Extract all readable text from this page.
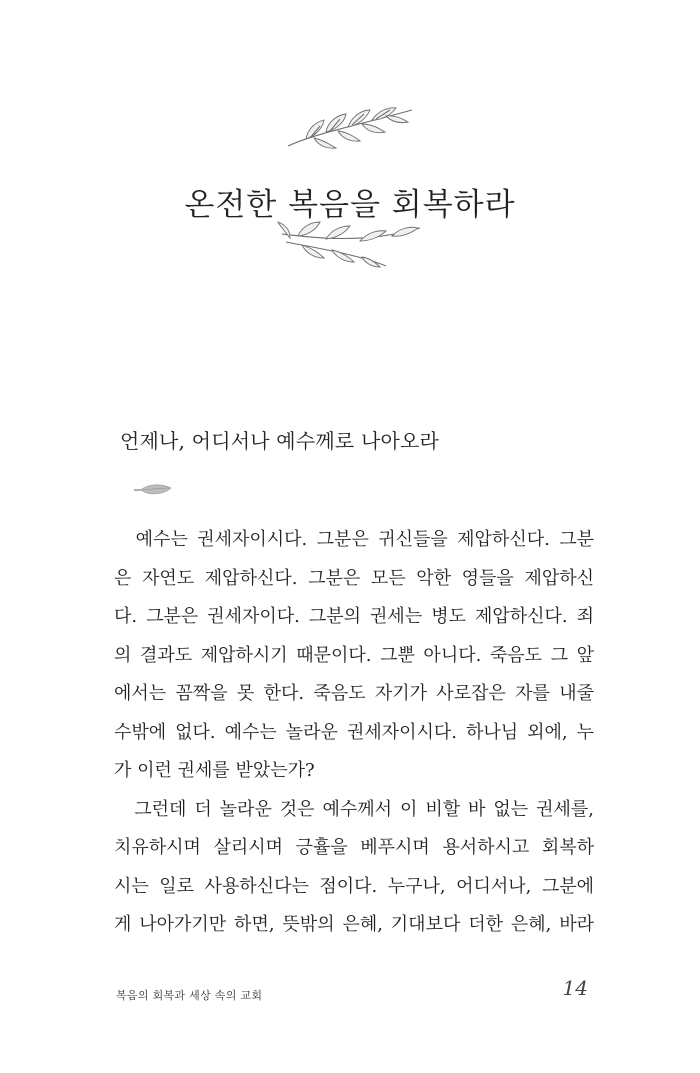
온전한 복음을 회복하라
언제나, 어디서나 예수께로 나아오라
　예수는 권세자이시다. 그분은 귀신들을 제압하신다. 그분
은 자연도 제압하신다. 그분은 모든 악한 영들을 제압하신
다. 그분은 권세자이다. 그분의 권세는 병도 제압하신다. 죄
의 결과도 제압하시기 때문이다. 그뿐 아니다. 죽음도 그 앞
에서는 꼼짝을 못 한다. 죽음도 자기가 사로잡은 자를 내줄
수밖에 없다. 예수는 놀라운 권세자이시다. 하나님 외에, 누
가 이런 권세를 받았는가?
　그런데 더 놀라운 것은 예수께서 이 비할 바 없는 권세를,
치유하시며 살리시며 긍휼을 베푸시며 용서하시고 회복하
시는 일로 사용하신다는 점이다. 누구나, 어디서나, 그분에
게 나아가기만 하면, 뜻밖의 은혜, 기대보다 더한 은혜, 바라
복음의 회복과 세상 속의 교회	14
